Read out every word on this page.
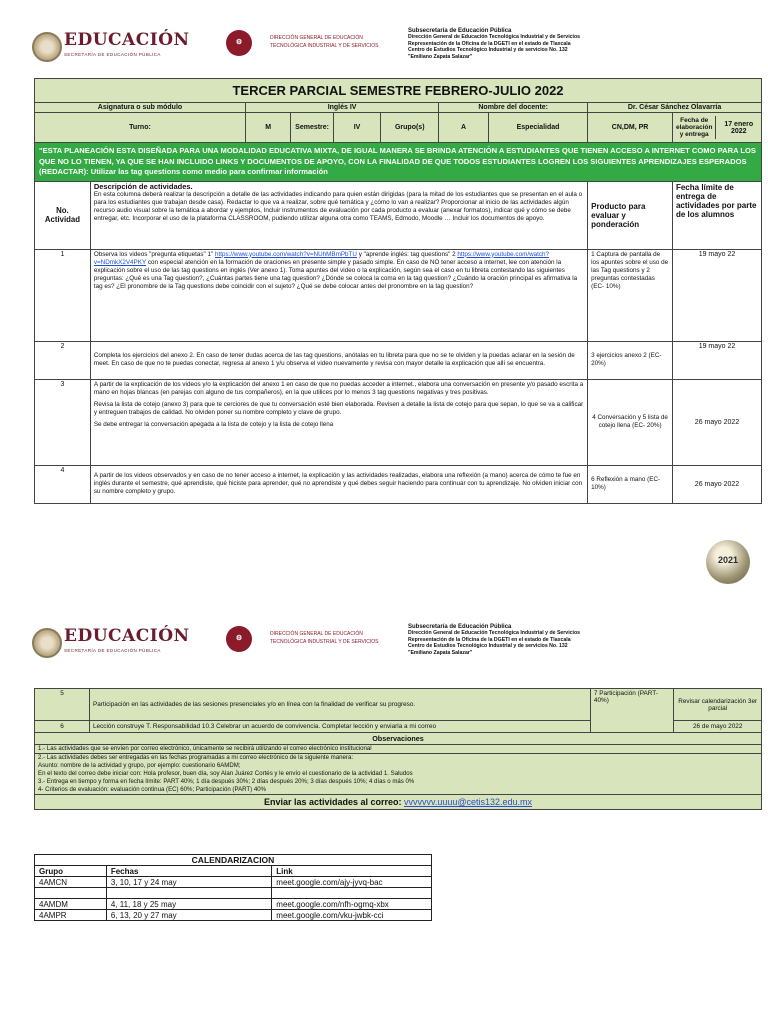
EDUCACIÓN
SECRETARÍA DE EDUCACIÓN PÚBLICA
⚙
DIRECCIÓN GENERAL DE EDUCACIÓN
TECNOLÓGICA INDUSTRIAL Y DE SERVICIOS
Subsecretaría de Educación Pública
Dirección General de Educación Tecnológica Industrial y de Servicios
Representación de la Oficina de la DGETI en el estado de Tlaxcala
Centro de Estudios Tecnológico Industrial y de servicios No. 132
"Emiliano Zapata Salazar"
TERCER PARCIAL SEMESTRE FEBRERO-JULIO 2022
Asignatura o sub módulo	Inglés IV	Nombre del docente:	Dr. César Sánchez Olavarría
Turno:	M	Semestre:	IV	Grupo(s)	A	Especialidad	CN,DM, PR	
Fecha de elaboración y entrega	17 enero 2022

"ESTA PLANEACIÓN ESTA DISEÑADA PARA UNA MODALIDAD EDUCATIVA MIXTA, DE IGUAL MANERA SE BRINDA ATENCIÓN A ESTUDIANTES QUE TIENEN ACCESO A INTERNET COMO PARA LOS QUE NO LO TIENEN, YA QUE SE HAN INCLUIDO LINKS Y DOCUMENTOS DE APOYO, CON LA FINALIDAD DE QUE TODOS ESTUDIANTES LOGREN LOS SIGUIENTES APRENDIZAJES ESPERADOS (REDACTAR): Utilizar las tag questions como medio para confirmar información
No. Actividad	
Descripción de actividades.
En esta columna deberá realizar la descripción a detalle de las actividades indicando para quien están dirigidas (para la mitad de los estudiantes que se presentan en el aula o para los estudiantes que trabajan desde casa). Redactar lo que va a realizar, sobre qué temática y ¿cómo lo van a realizar? Proporcionar al inicio de las actividades algún recurso audio visual sobre la temática a abordar y ejemplos, Incluir instrumentos de evaluación por cada producto a evaluar (anexar formatos), indicar qué y cómo se debe entregar, etc. Incorporar el uso de la plataforma CLASSROOM, pudiendo utilizar alguna otra como TEAMS, Edmodo, Moodle … Incluir los documentos de apoyo.
	Producto para evaluar y ponderación	Fecha límite de entrega de actividades por parte de los alumnos
1	Observa los videos "pregunta etiquetas" 1" https://www.youtube.com/watch?v=NUhMBmPbTU y "aprende inglés: tag questions" 2 https://www.youtube.com/watch?v=NDmkX2V4PKY con especial atención en la formación de oraciones en presente simple y pasado simple. En caso de NO tener acceso a internet, lee con atención la explicación sobre el uso de las tag questions en inglés (Ver anexo 1). Toma apuntes del video o la explicación, según sea el caso en tu libreta contestando las siguientes preguntas: ¿Qué es una Tag question?, ¿Cuántas partes tiene una tag question? ¿Dónde se coloca la coma en la tag question? ¿Cuándo la oración principal es afirmativa la tag es? ¿El pronombre de la Tag questions debe coincidir con el sujeto? ¿Qué se debe colocar antes del pronombre en la tag question?	1 Captura de pantalla de los apuntes sobre el uso de las Tag questions y 2 preguntas contestadas (EC- 10%)	19 mayo 22
2	Completa los ejercicios del anexo 2. En caso de tener dudas acerca de las tag questions, anótalas en tu libreta para que no se te olviden y la puedas aclarar en la sesión de meet. En caso de que no te puedas conectar, regresa al anexo 1 y/u observa el video nuevamente y revisa con mayor detalle la explicación que allí se encuentra.	3 ejercicios anexo 2 (EC-20%)	19 mayo 22
3	A partir de la explicación de los videos y/o la explicación del anexo 1 en caso de que no puedas acceder a internet., elabora una conversación en presente y/o pasado escrita a mano en hojas blancas (en parejas con alguno de tus compañeros), en la que utilices por lo menos 3 tag questions negativas y tres positivas.
Revisa la lista de cotejo (anexo 3) para que te cerciores de que tu conversación esté bien elaborada. Revisen a detalle la lista de cotejo para que sepan, lo que se va a calificar y entreguen trabajos de calidad. No olviden poner su nombre completo y clave de grupo.
Se debe entregar la conversación apegada a la lista de cotejo y la lista de cotejo llena
	4 Conversación y 5 lista de cotejo llena (EC- 20%)	26 mayo 2022
4	A partir de los videos observados y en caso de no tener acceso a internet, la explicación y las actividades realizadas, elabora una reflexión (a mano) acerca de cómo te fue en inglés durante el semestre, qué aprendiste, qué hiciste para aprender, qué no aprendiste y qué debes seguir haciendo para continuar con tu aprendizaje. No olviden iniciar con su nombre completo y grupo.	6 Reflexión a mano (EC- 10%)	26 mayo 2022
2021
EDUCACIÓN
SECRETARÍA DE EDUCACIÓN PÚBLICA
⚙
DIRECCIÓN GENERAL DE EDUCACIÓN
TECNOLÓGICA INDUSTRIAL Y DE SERVICIOS
Subsecretaría de Educación Pública
Dirección General de Educación Tecnológica Industrial y de Servicios
Representación de la Oficina de la DGETI en el estado de Tlaxcala
Centro de Estudios Tecnológico Industrial y de servicios No. 132
"Emiliano Zapata Salazar"
5	Participación en las actividades de las sesiones presenciales y/o en línea con la finalidad de verificar su progreso.	7 Participación (PART- 40%)	Revisar calendarización 3er parcial
6	Lección construye T. Responsabilidad 10.3 Celebrar un acuerdo de convivencia. Completar lección y enviarla a mi correo		26 de mayo 2022
Observaciones			
1.- Las actividades que se envíen por correo electrónico, únicamente se recibirá utilizando el correo electrónico institucional			

2.- Las actividades debes ser entregadas en las fechas programadas a mi correo electrónico de la siguiente manera:
Asunto: nombre de la actividad y grupo, por ejemplo: cuestionario 6AMDM;
En el texto del correo debe iniciar con: Hola profesor, buen día, soy Alan Juárez Cortés y le envío el cuestionario de la actividad 1. Saludos
3.- Entrega en tiempo y forma en fecha límite: PART 40%; 1 día después 30%; 2 días después 20%; 3 días después 10%; 4 días o más 0%
4- Criterios de evaluación: evaluación continua (EC) 60%; Participación (PART) 40%			

Enviar las actividades al correo: vvvvvvv.uuuu@cetis132.edu.mx			
CALENDARIZACION		
Grupo	Fechas	Link
4AMCN	3, 10, 17 y 24 may	meet.google.com/ajy-jyvq-bac

4AMDM	4, 11, 18 y 25 may	meet.google.com/nfh-ogmq-xbx
4AMPR	6, 13, 20 y 27 may	meet.google.com/vku-jwbk-cci
